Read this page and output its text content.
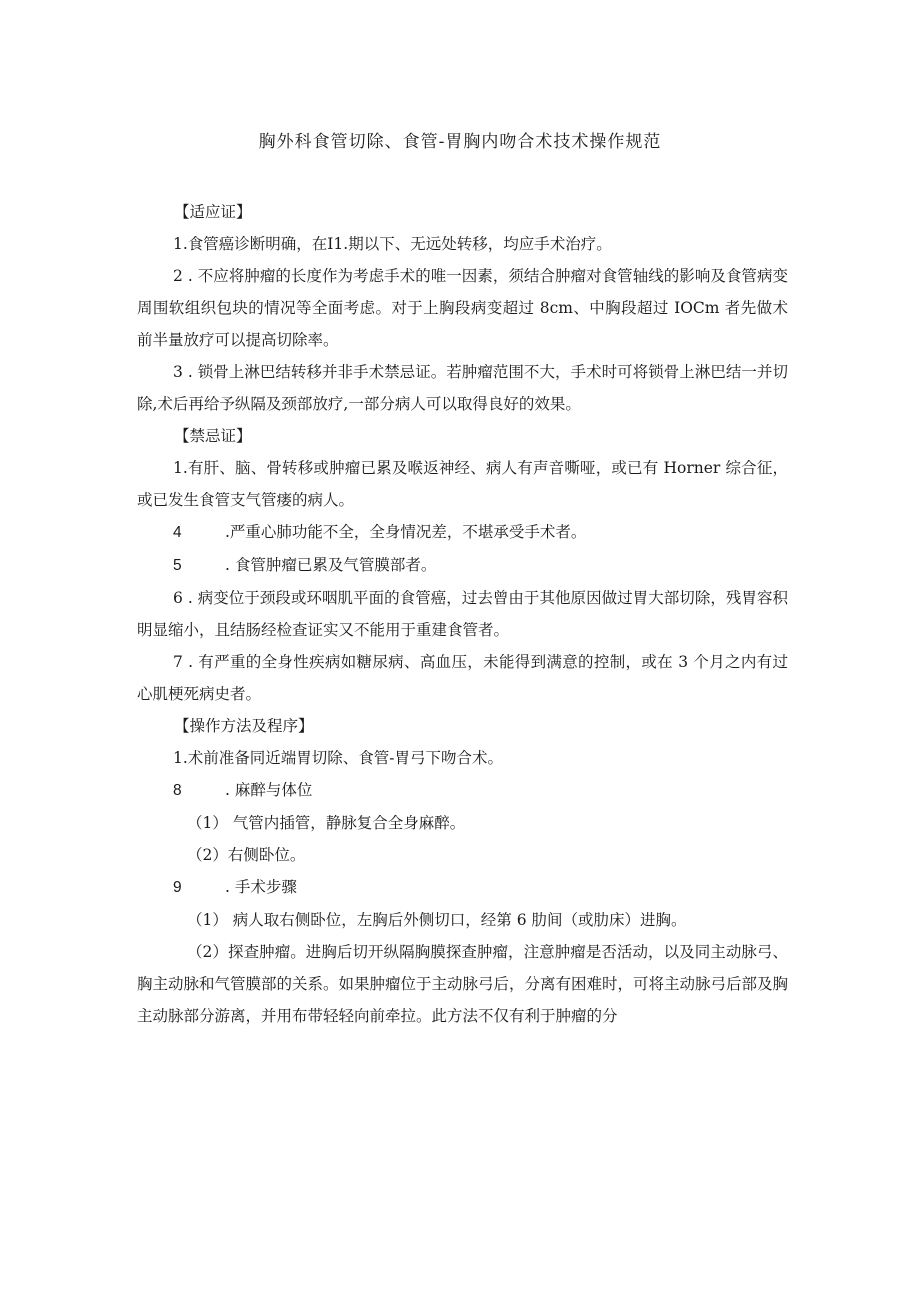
胸外科食管切除、食管-胃胸内吻合术技术操作规范

【适应证】

1.食管癌诊断明确，在I1.期以下、无远处转移，均应手术治疗。

2 . 不应将肿瘤的长度作为考虑手术的唯一因素，须结合肿瘤对食管轴线的影响及食管病变周围软组织包块的情况等全面考虑。对于上胸段病变超过 8cm、中胸段超过 IOCm 者先做术前半量放疗可以提高切除率。

3 . 锁骨上淋巴结转移并非手术禁忌证。若肿瘤范围不大，手术时可将锁骨上淋巴结一并切除,术后再给予纵隔及颈部放疗,一部分病人可以取得良好的效果。

【禁忌证】

1.有肝、脑、骨转移或肿瘤已累及喉返神经、病人有声音嘶哑，或已有 Horner 综合征，或已发生食管支气管瘘的病人。

4	.严重心肺功能不全，全身情况差，不堪承受手术者。

5	. 食管肿瘤已累及气管膜部者。

6 . 病变位于颈段或环咽肌平面的食管癌，过去曾由于其他原因做过胃大部切除，残胃容积明显缩小，且结肠经检查证实又不能用于重建食管者。

7 . 有严重的全身性疾病如糖尿病、高血压，未能得到满意的控制，或在 3 个月之内有过心肌梗死病史者。

【操作方法及程序】

1.术前准备同近端胃切除、食管-胃弓下吻合术。

8	. 麻醉与体位

（1） 气管内插管，静脉复合全身麻醉。

（2）右侧卧位。

9	. 手术步骤

（1） 病人取右侧卧位，左胸后外侧切口，经第 6 肋间（或肋床）进胸。

（2）探查肿瘤。进胸后切开纵隔胸膜探查肿瘤，注意肿瘤是否活动，以及同主动脉弓、胸主动脉和气管膜部的关系。如果肿瘤位于主动脉弓后，分离有困难时，可将主动脉弓后部及胸主动脉部分游离，并用布带轻轻向前牵拉。此方法不仅有利于肿瘤的分
